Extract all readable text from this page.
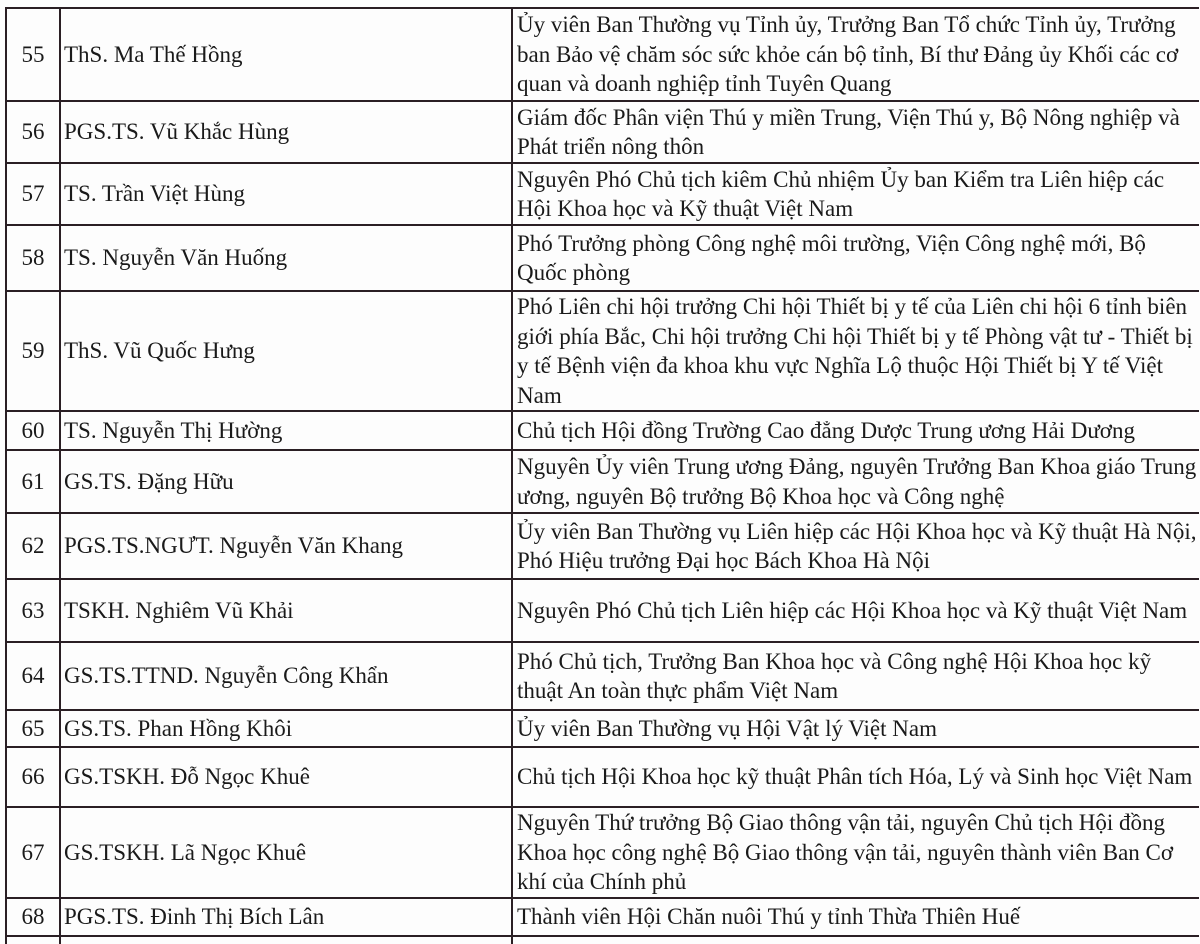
55	ThS. Ma Thế Hồng	Ủy viên Ban Thường vụ Tỉnh ủy, Trưởng Ban Tổ chức Tỉnh ủy, Trưởng ban Bảo vệ chăm sóc sức khỏe cán bộ tỉnh, Bí thư Đảng ủy Khối các cơ quan và doanh nghiệp tỉnh Tuyên Quang
56	PGS.TS. Vũ Khắc Hùng	Giám đốc Phân viện Thú y miền Trung, Viện Thú y, Bộ Nông nghiệp và Phát triển nông thôn
57	TS. Trần Việt Hùng	Nguyên Phó Chủ tịch kiêm Chủ nhiệm Ủy ban Kiểm tra Liên hiệp các Hội Khoa học và Kỹ thuật Việt Nam
58	TS. Nguyễn Văn Huống	Phó Trưởng phòng Công nghệ môi trường, Viện Công nghệ mới, Bộ Quốc phòng
59	ThS. Vũ Quốc Hưng	Phó Liên chi hội trưởng Chi hội Thiết bị y tế của Liên chi hội 6 tỉnh biên giới phía Bắc, Chi hội trưởng Chi hội Thiết bị y tế Phòng vật tư - Thiết bị y tế Bệnh viện đa khoa khu vực Nghĩa Lộ thuộc Hội Thiết bị Y tế Việt Nam
60	TS. Nguyễn Thị Hường	Chủ tịch Hội đồng Trường Cao đẳng Dược Trung ương Hải Dương
61	GS.TS. Đặng Hữu	Nguyên Ủy viên Trung ương Đảng, nguyên Trưởng Ban Khoa giáo Trung ương, nguyên Bộ trưởng Bộ Khoa học và Công nghệ
62	PGS.TS.NGƯT. Nguyễn Văn Khang	Ủy viên Ban Thường vụ Liên hiệp các Hội Khoa học và Kỹ thuật Hà Nội, Phó Hiệu trưởng Đại học Bách Khoa Hà Nội
63	TSKH. Nghiêm Vũ Khải	Nguyên Phó Chủ tịch Liên hiệp các Hội Khoa học và Kỹ thuật Việt Nam
64	GS.TS.TTND. Nguyễn Công Khẩn	Phó Chủ tịch, Trưởng Ban Khoa học và Công nghệ Hội Khoa học kỹ thuật An toàn thực phẩm Việt Nam
65	GS.TS. Phan Hồng Khôi	Ủy viên Ban Thường vụ Hội Vật lý Việt Nam
66	GS.TSKH. Đỗ Ngọc Khuê	Chủ tịch Hội Khoa học kỹ thuật Phân tích Hóa, Lý và Sinh học Việt Nam
67	GS.TSKH. Lã Ngọc Khuê	Nguyên Thứ trưởng Bộ Giao thông vận tải, nguyên Chủ tịch Hội đồng Khoa học công nghệ Bộ Giao thông vận tải, nguyên thành viên Ban Cơ khí của Chính phủ
68	PGS.TS. Đinh Thị Bích Lân	Thành viên Hội Chăn nuôi Thú y tỉnh Thừa Thiên Huế
